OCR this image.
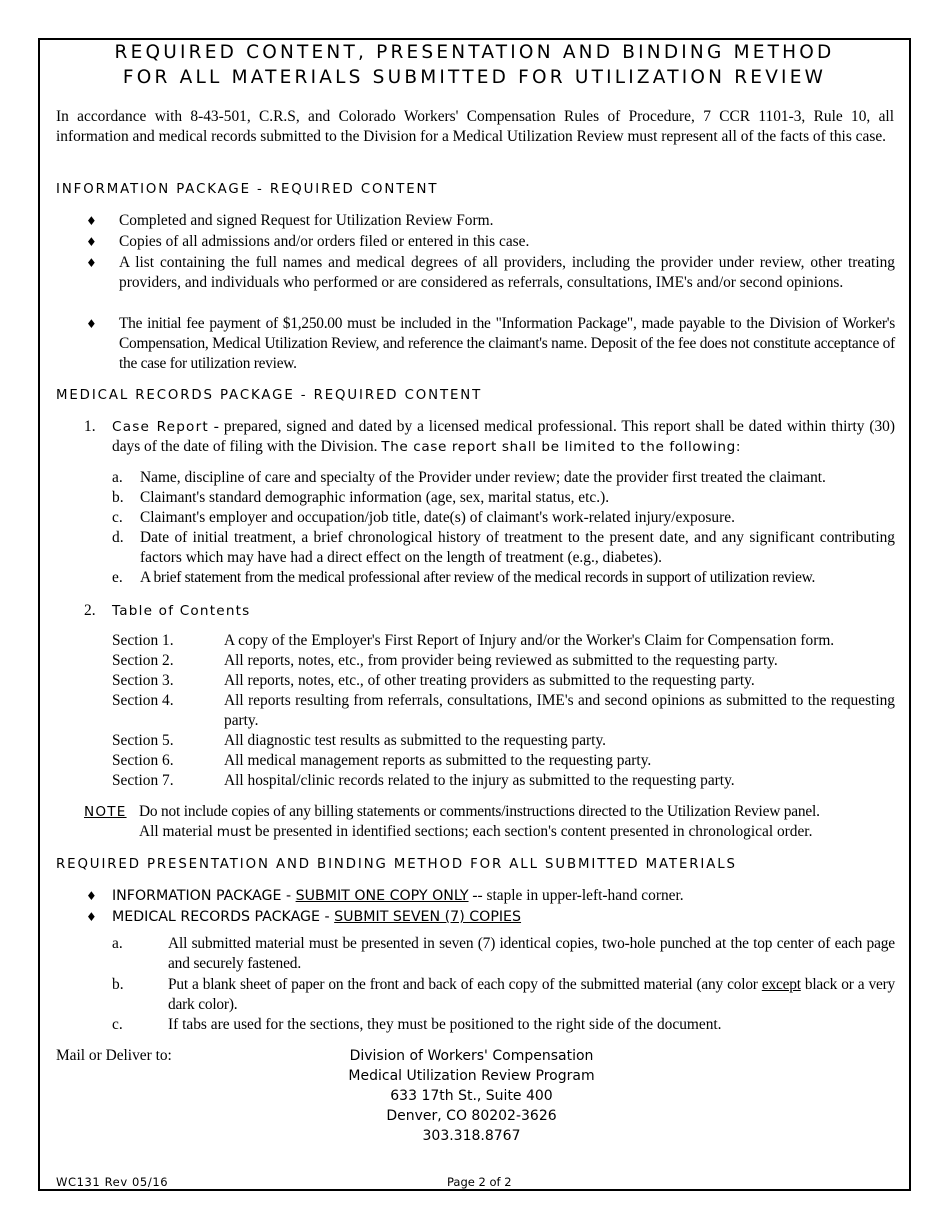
REQUIRED CONTENT, PRESENTATION AND BINDING METHOD
FOR ALL MATERIALS SUBMITTED FOR UTILIZATION REVIEW
In accordance with 8-43-501, C.R.S, and Colorado Workers' Compensation Rules of Procedure, 7 CCR 1101-3, Rule 10, all information and medical records submitted to the Division for a Medical Utilization Review must represent all of the facts of this case.
INFORMATION PACKAGE - REQUIRED CONTENT
♦ Completed and signed Request for Utilization Review Form.
♦ Copies of all admissions and/or orders filed or entered in this case.
♦ A list containing the full names and medical degrees of all providers, including the provider under review, other treating providers, and individuals who performed or are considered as referrals, consultations, IME's and/or second opinions.
♦ The initial fee payment of $1,250.00 must be included in the "Information Package", made payable to the Division of Worker's Compensation, Medical Utilization Review, and reference the claimant's name. Deposit of the fee does not constitute acceptance of the case for utilization review.
MEDICAL RECORDS PACKAGE - REQUIRED CONTENT
1. Case Report - prepared, signed and dated by a licensed medical professional. This report shall be dated within thirty (30) days of the date of filing with the Division. The case report shall be limited to the following:
a. Name, discipline of care and specialty of the Provider under review; date the provider first treated the claimant.
b. Claimant's standard demographic information (age, sex, marital status, etc.).
c. Claimant's employer and occupation/job title, date(s) of claimant's work-related injury/exposure.
d. Date of initial treatment, a brief chronological history of treatment to the present date, and any significant contributing factors which may have had a direct effect on the length of treatment (e.g., diabetes).
e. A brief statement from the medical professional after review of the medical records in support of utilization review.
2. Table of Contents
Section 1.	A copy of the Employer's First Report of Injury and/or the Worker's Claim for Compensation form.
Section 2.	All reports, notes, etc., from provider being reviewed as submitted to the requesting party.
Section 3.	All reports, notes, etc., of other treating providers as submitted to the requesting party.
Section 4.	All reports resulting from referrals, consultations, IME's and second opinions as submitted to the requesting party.
Section 5.	All diagnostic test results as submitted to the requesting party.
Section 6.	All medical management reports as submitted to the requesting party.
Section 7.	All hospital/clinic records related to the injury as submitted to the requesting party.
NOTE Do not include copies of any billing statements or comments/instructions directed to the Utilization Review panel.
All material must be presented in identified sections; each section's content presented in chronological order.
REQUIRED PRESENTATION AND BINDING METHOD FOR ALL SUBMITTED MATERIALS
♦ INFORMATION PACKAGE - SUBMIT ONE COPY ONLY -- staple in upper-left-hand corner.
♦ MEDICAL RECORDS PACKAGE - SUBMIT SEVEN (7) COPIES
a.	All submitted material must be presented in seven (7) identical copies, two-hole punched at the top center of each page and securely fastened.
b.	Put a blank sheet of paper on the front and back of each copy of the submitted material (any color except black or a very dark color).
c.	If tabs are used for the sections, they must be positioned to the right side of the document.
Mail or Deliver to:	Division of Workers' Compensation
Medical Utilization Review Program
633 17th St., Suite 400
Denver, CO 80202-3626
303.318.8767
WC131 Rev 05/16	Page 2 of 2
